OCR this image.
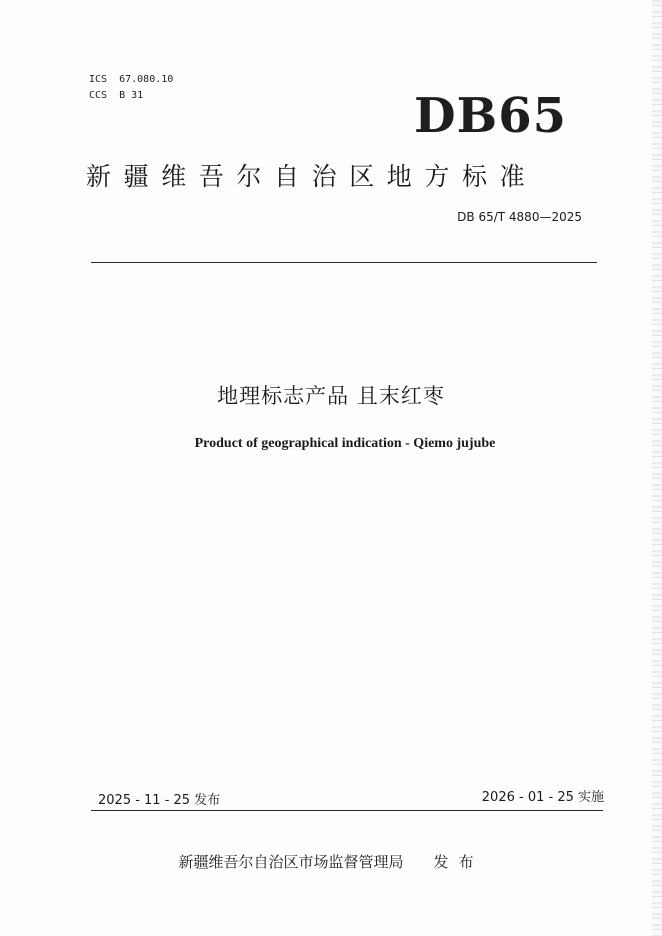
ICS  67.080.10
CCS  B 31	DB65
新疆维吾尔自治区地方标准
DB 65/T 4880—2025
地理标志产品 且末红枣
Product of geographical indication - Qiemo jujube
2025 - 11 - 25 发布	2026 - 01 - 25 实施
新疆维吾尔自治区市场监督管理局 发布
